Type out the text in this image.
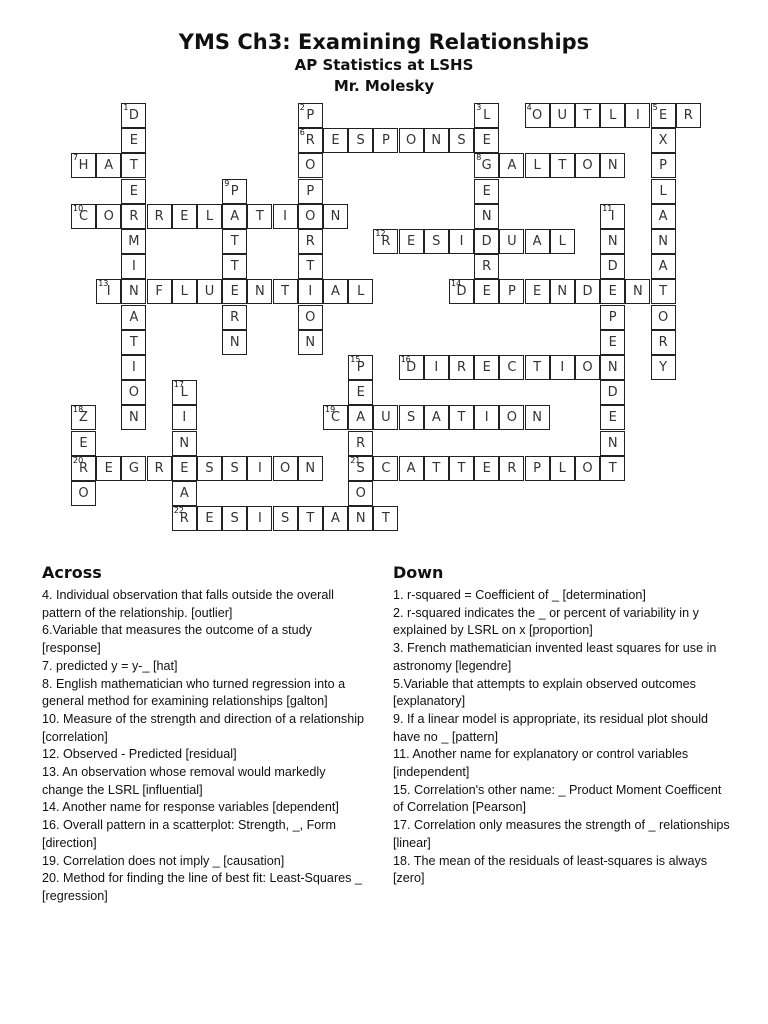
YMS Ch3: Examining Relationships
AP Statistics at LSHS
Mr. Molesky
1
D
E
T
E
R
M
I
N
A
T
I
O
N
2
P
6
R
O
P
O
R
T
I
O
N
3
L
E
8
G
E
N
D
R
E
4
O	U	T	L	I
5
E	R
X
P
L
A
N
A
T
O
R
Y
E	S	P	O	N	S
7
H	A	A	L	T	O	N
9
P
A
T
T
E
R
N
10
C	O	R	E	L	T	I	N
11
I
N
D
E
P
E
N
D
E
N
T
12
R	E	S	I	U	A	L
13
I	F	L	U	N	T	A	L
14
D	P	E	N	D	N
15
P
E
A
R
21
S
O
N
16
D	I	R	E	C	T	I	O
17
L
I
N
E
A
22
R
18
Z
E
20
R
O
19
C	U	S	A	T	I	O	N
E	G	R	S	S	I	O	N	C	A	T	T	E	R	P	L	O
E	S	I	S	T	A	T
Across

4. Individual observation that falls outside the overall pattern of the relationship. [outlier]

6.Variable that measures the outcome of a study [response]

7. predicted y = y-_ [hat]

8. English mathematician who turned regression into a general method for examining relationships [galton]

10. Measure of the strength and direction of a relationship [correlation]

12. Observed - Predicted [residual]

13. An observation whose removal would markedly change the LSRL [influential]

14. Another name for response variables [dependent]

16. Overall pattern in a scatterplot: Strength, _, Form [direction]

19. Correlation does not imply _ [causation]

20. Method for finding the line of best fit: Least-Squares _ [regression]

Down

1. r-squared = Coefficient of _ [determination]

2. r-squared indicates the _ or percent of variability in y explained by LSRL on x [proportion]

3. French mathematician invented least squares for use in astronomy [legendre]

5.Variable that attempts to explain observed outcomes [explanatory]

9. If a linear model is appropriate, its residual plot should have no _ [pattern]

11. Another name for explanatory or control variables [independent]

15. Correlation's other name: _ Product Moment Coefficent of Correlation [Pearson]

17. Correlation only measures the strength of _ relationships [linear]

18. The mean of the residuals of least-squares is always [zero]
